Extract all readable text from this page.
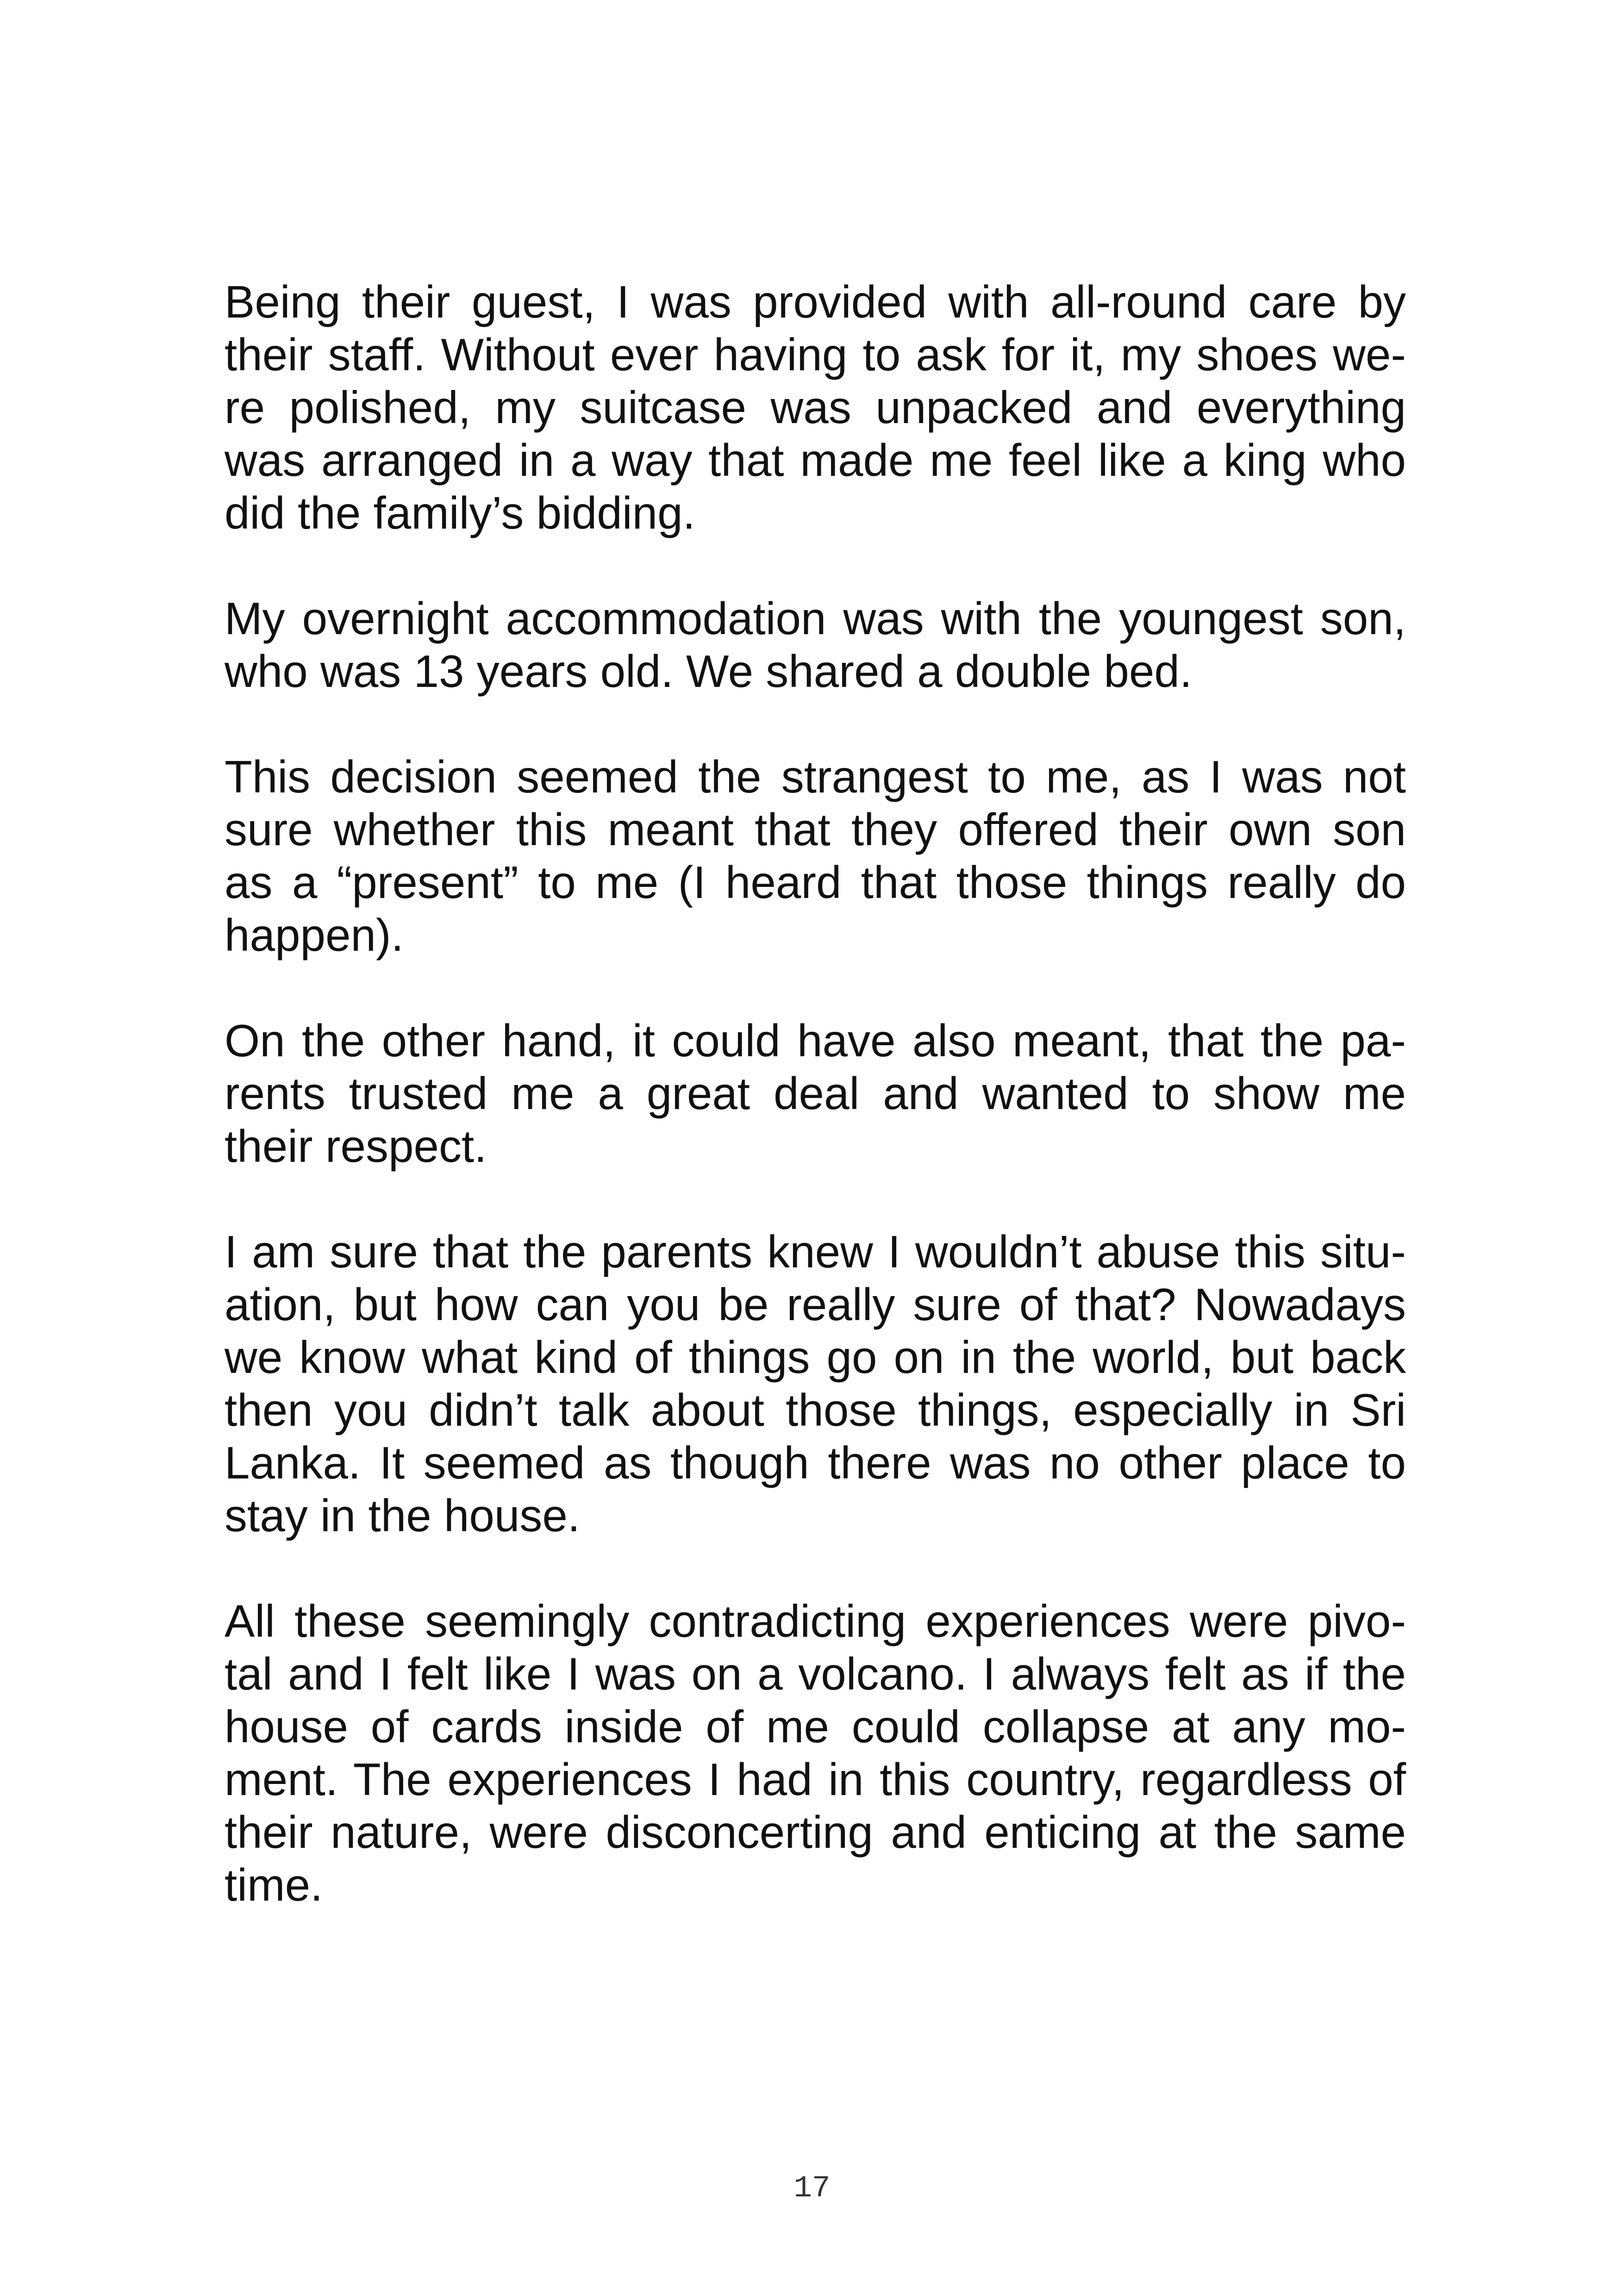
Being their guest, I was provided with all-round care by
their staff. Without ever having to ask for it, my shoes we-
re polished, my suitcase was unpacked and everything
was arranged in a way that made me feel like a king who
did the family’s bidding.
My overnight accommodation was with the youngest son,
who was 13 years old. We shared a double bed.
This decision seemed the strangest to me, as I was not
sure whether this meant that they offered their own son
as a “present” to me (I heard that those things really do
happen).
On the other hand, it could have also meant, that the pa-
rents trusted me a great deal and wanted to show me
their respect.
I am sure that the parents knew I wouldn’t abuse this situ-
ation, but how can you be really sure of that? Nowadays
we know what kind of things go on in the world, but back
then you didn’t talk about those things, especially in Sri
Lanka. It seemed as though there was no other place to
stay in the house.
All these seemingly contradicting experiences were pivo-
tal and I felt like I was on a volcano. I always felt as if the
house of cards inside of me could collapse at any mo-
ment. The experiences I had in this country, regardless of
their nature, were disconcerting and enticing at the same
time.
17
